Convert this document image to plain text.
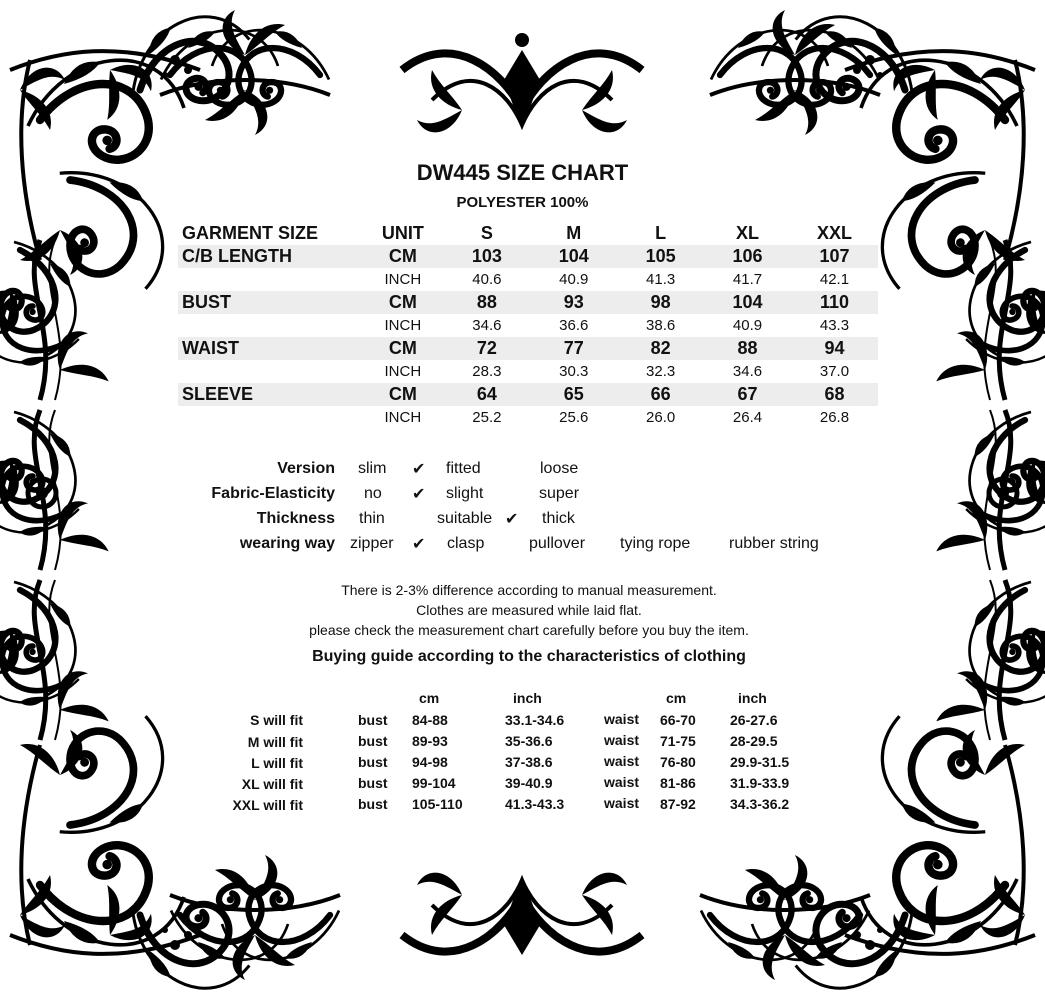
DW445 SIZE CHART
POLYESTER 100%
GARMENT SIZE	UNIT	S	M	L	XL	XXL
C/B LENGTH	CM	103	104	105	106	107
	INCH	40.6	40.9	41.3	41.7	42.1
BUST	CM	88	93	98	104	110
	INCH	34.6	36.6	38.6	40.9	43.3
WAIST	CM	72	77	82	88	94
	INCH	28.3	30.3	32.3	34.6	37.0
SLEEVE	CM	64	65	66	67	68
	INCH	25.2	25.6	26.0	26.4	26.8
Version slim ✔ fitted	loose
Fabric-Elasticity no ✔ slight	super
Thickness thin	suitable ✔ thick
wearing way zipper ✔ clasp	pullover tying rope rubber string
There is 2-3% difference according to manual measurement.
Clothes are measured while laid flat.
please check the measurement chart carefully before you buy the item.
Buying guide according to the characteristics of clothing
cm	inch	cm	inch
S will fit	bust 84-88	33.1-34.6	waist 66-70 26-27.6
M will fit	bust 89-93	35-36.6	waist 71-75 28-29.5
L will fit	bust 94-98	37-38.6	waist 76-80 29.9-31.5
XL will fit	bust 99-104	39-40.9	waist 81-86 31.9-33.9
XXL will fit	bust 105-110	41.3-43.3	waist 87-92 34.3-36.2
